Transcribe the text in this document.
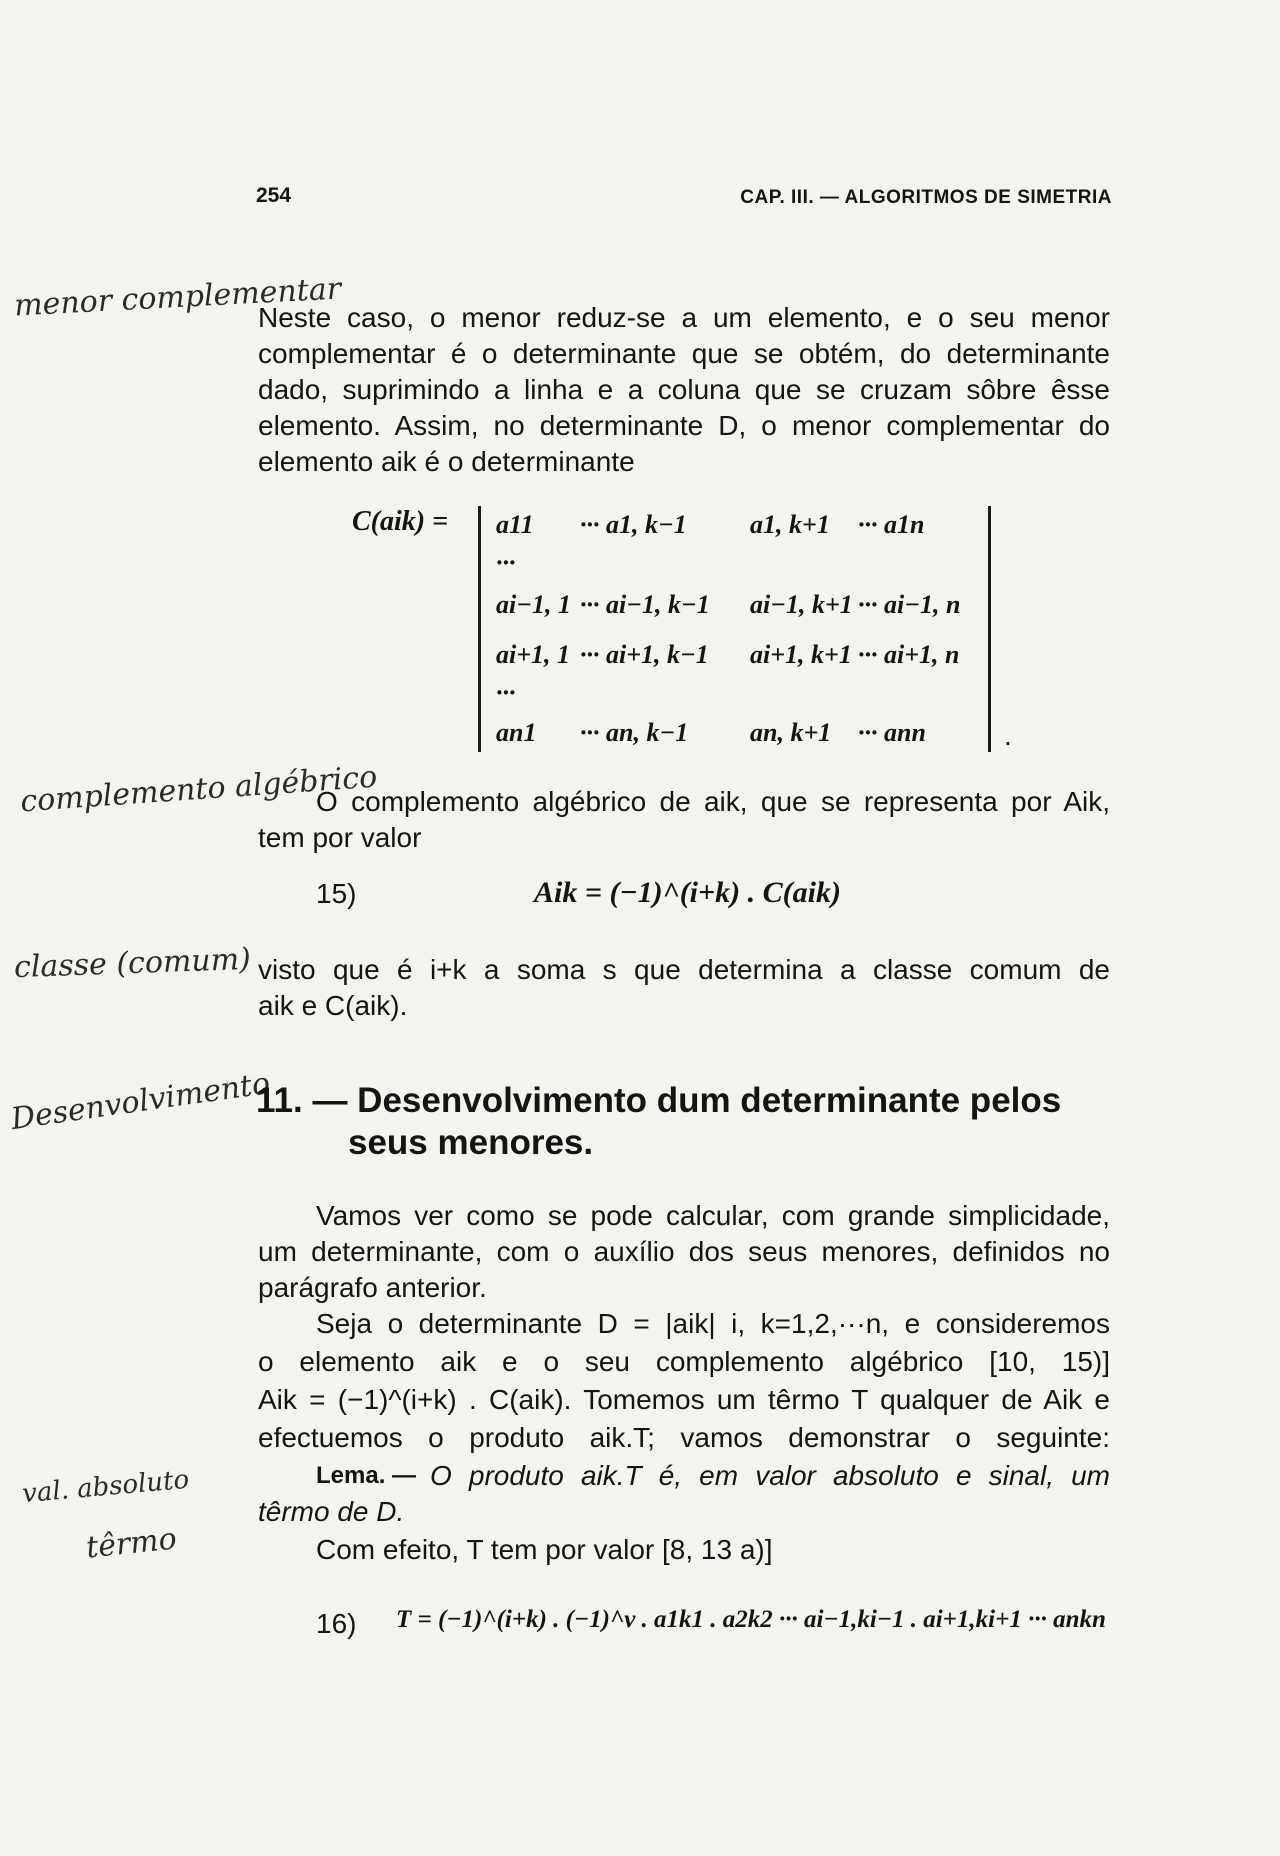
254	CAP. III. — ALGORITMOS DE SIMETRIA
menor complementar
complemento algébrico
classe (comum)
Desenvolvimento
val. absoluto
têrmo
Neste caso, o menor reduz-se a um elemento, e o seu menor
complementar é o determinante que se obtém, do determinante
dado, suprimindo a linha e a coluna que se cruzam sôbre êsse
elemento. Assim, no determinante D, o menor complementar do
elemento aik é o determinante
C(aik) =
.
a11 ··· a1, k−1 a1, k+1 ··· a1n
···
ai−1, 1 ··· ai−1, k−1 ai−1, k+1 ··· ai−1, n
ai+1, 1 ··· ai+1, k−1 ai+1, k+1 ··· ai+1, n
···
an1 ··· an, k−1 an, k+1 ··· ann
O complemento algébrico de aik, que se representa por Aik,
tem por valor
15)	Aik = (−1)^(i+k) . C(aik)
visto que é i+k a soma s que determina a classe comum de
aik e C(aik).
11. — Desenvolvimento dum determinante pelos
seus menores.
Vamos ver como se pode calcular, com grande simplicidade,
um determinante, com o auxílio dos seus menores, definidos no
parágrafo anterior.
Seja o determinante D = |aik| i, k=1,2,···n, e consideremos
o elemento aik e o seu complemento algébrico [10, 15)]
Aik = (−1)^(i+k) . C(aik). Tomemos um têrmo T qualquer de Aik e
efectuemos o produto aik.T; vamos demonstrar o seguinte:
Lema. — O produto aik.T é, em valor absoluto e sinal, um
têrmo de D.
Com efeito, T tem por valor [8, 13 a)]
16) T = (−1)^(i+k) . (−1)^v . a1k1 . a2k2 ··· ai−1,ki−1 . ai+1,ki+1 ··· ankn
